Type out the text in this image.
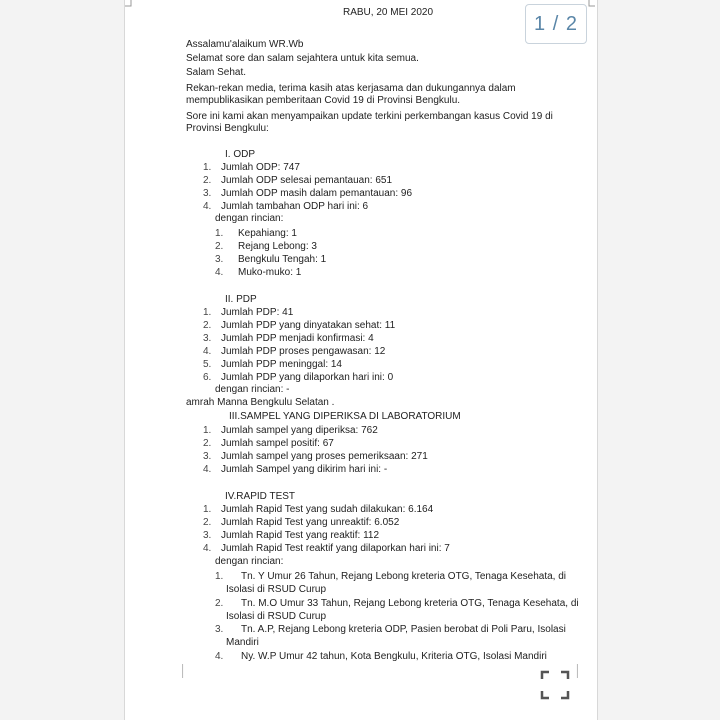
RABU, 20 MEI 2020
Assalamu'alaikum WR.Wb
Selamat sore dan salam sejahtera untuk kita semua.
Salam Sehat.
Rekan-rekan media, terima kasih atas kerjasama dan dukungannya dalam
mempublikasikan pemberitaan Covid 19 di Provinsi Bengkulu.
Sore ini kami akan menyampaikan update terkini perkembangan kasus Covid 19 di
Provinsi Bengkulu:
I. ODP
1. Jumlah ODP: 747
2. Jumlah ODP selesai pemantauan: 651
3. Jumlah ODP masih dalam pemantauan: 96
4. Jumlah tambahan ODP hari ini: 6
dengan rincian:
1. Kepahiang: 1
2. Rejang Lebong: 3
3. Bengkulu Tengah: 1
4. Muko-muko: 1
II. PDP
1. Jumlah PDP: 41
2. Jumlah PDP yang dinyatakan sehat: 11
3. Jumlah PDP menjadi konfirmasi: 4
4. Jumlah PDP proses pengawasan: 12
5. Jumlah PDP meninggal: 14
6. Jumlah PDP yang dilaporkan hari ini: 0
dengan rincian: -
amrah Manna Bengkulu Selatan .
III.SAMPEL YANG DIPERIKSA DI LABORATORIUM
1. Jumlah sampel yang diperiksa: 762
2. Jumlah sampel positif: 67
3. Jumlah sampel yang proses pemeriksaan: 271
4. Jumlah Sampel yang dikirim hari ini: -
IV.RAPID TEST
1. Jumlah Rapid Test yang sudah dilakukan: 6.164
2. Jumlah Rapid Test yang unreaktif: 6.052
3. Jumlah Rapid Test yang reaktif: 112
4. Jumlah Rapid Test reaktif yang dilaporkan hari ini: 7
dengan rincian:
1. Tn. Y Umur 26 Tahun, Rejang Lebong kreteria OTG, Tenaga Kesehata, di
Isolasi di RSUD Curup
2. Tn. M.O Umur 33 Tahun, Rejang Lebong kreteria OTG, Tenaga Kesehata, di
Isolasi di RSUD Curup
3. Tn. A.P, Rejang Lebong kreteria ODP, Pasien berobat di Poli Paru, Isolasi
Mandiri
4. Ny. W.P Umur 42 tahun, Kota Bengkulu, Kriteria OTG, Isolasi Mandiri
1 / 2
